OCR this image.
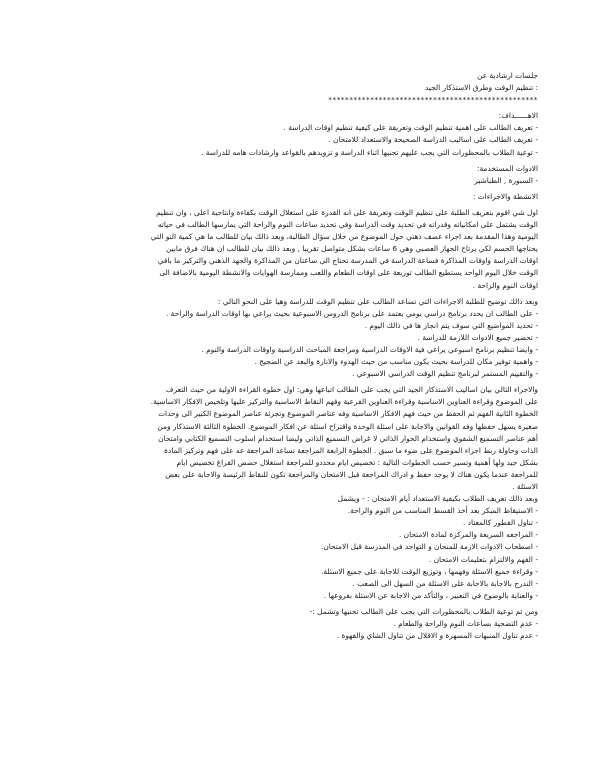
جلسات ارشادية عن
: تنظيم الوقت وطرق الاستذكار الجيد
**************************************************
الاهــــــداف:
- تعريف الطالب على اهمية تنظيم الوقت وتعريفة على كيفية تنظيم اوقات الدراسة .
- تعريف الطالب على اساليب الدراسة الصحيحة والاستعداد للامتحان .
- توعية الطلاب بالمحظورات التي يجب عليهم تجنبها اثناء الدراسة و تزويدهم بالقواعد وارشادات هامه للدراسة .
الادوات المستخدمة:
- السبورة , الطباشير
الانشطة والاجراءات :
اول شي اقوم بتعريف الطلبة على تنظيم الوقت وتعريفة على انه القدرة على استغلال الوقت بكفاءة وانتاجية اعلى ، وان تنظيم
الوقت يشتمل على امكانياته وقدراته في تحديد وقت الدراسة وفي تحديد ساعات النوم والراحة التي يمارسها الطالب في حياته
اليومية وهذا المقدمة بعد اجراء عصف ذهني حول الموضوع من خلال سؤال الطالبة، وبعد ذالك بيان للطالب ما هي كمية النو التي
يحتاجها الجسم لكي يرتاح الجهاز العصبي وهي 6 ساعات بشكل متواصل تقريبا , وبعد ذالك بيان للطالب ان هناك فرق مابين
اوقات الدراسة واوقات المذاكرة فساعة الدراسة في المدرسة تحتاج الى ساعتان من المذاكرة والجهد الذهني والتركيز ما باقي
الوقت خلال اليوم الواحد يستطيع الطالب توزيعة على اوقات الطعام واللعب وممارسة الهوايات والانشطة اليومية بالاضافة الى
اوقات النوم والراحة .
وبعد ذالك توضيح للطلبة الاجراءات التي تساعد الطالب على تنظيم الوقت للدراسة وهيا على النحو التالي :
- على الطالب ان يحدد برنامج دراسي يومي يعتمد على برنامج الدروس الاسبوعية بحيث يراعي بها اوقات الدراسة والراحة .
- تحديد المواضيع التي سوف يتم انجاز ها في ذالك اليوم .
- تحضير جميع الادوات اللازمة للدراسة .
- وايضا تنظيم برنامج اسبوعي يراعي فية الاوقات الدراسية ومراجعة المباحث الدراسية واوقات الدراسة والنوم .
- واهمية توفير مكان للدراسة بحيث يكون مناسب من حيث الهدوء والانارة والبعد عن الضجيج .
- والتقييم المستمر لبرنامج تنظيم الوقت الدراسي الاسبوعي .
والاجراء التالي بيان اساليب الاستذكار الجيد التي يجب على الطالب اتباعها وهي: اول خطوة القراءة الاولية من حيث التعرف
على الموضوع وقراءة العناوين الاساسية وقراءة العناوين الفرعية وفهم النقاط الاساسية والتركيز عليها وتلخيص الافكار الاساسية.
الخطوة الثانية الفهم ثم الحفظ من حيث فهم الافكار الاساسية وفه عناصر الموضوع وتجزئة عناصر الموضوع الكبير الى وحدات
صغيرة يسهل حفظها وفه القوانين والاجابة على اسئلة الوحدة واقتراح اسئلة عن افكار الموضوع. الخطوة الثالثة الاستذكار ومن
أهم عناصر التسميع الشفوي واستخدام الحوار الذاتي لا غراض التسميع الذاتي وليضا استخدام اسلوب التسميع الكتابي وامتحان
الذات وحاولة ربط اجزاء الموضوع على ضوء ما سبق . الخطوة الرابعة المراجعة تساعد المراجعة عه على فهم وتركيز المادة
بشكل جيد ولها أهمية وتسير حسب الخطوات التالية : تخصيص ايام محددو للمراجعة استغلال حصص الفراغ تخصيص ايام
للمراجعة عندما يكون هناك لا يوجد حفظ و ادراك المراجعة قبل الامتحان والمراجعة تكون للنقاط الرئيسة والاجابة على بعض
الاسئلة .
وبعد ذالك تعريف الطلاب بكيفية الاستعداد أيام الامتحان : - ويشمل
- الاستيقاظ المبكر بعد أخذ القسط المناسب من النوم والراحة.
- تناول الفطور كالمعتاد .
- المراجعه السريعة والمركزة لمادة الامتحان .
- اصطحاب الادوات الازمة للمتحان و التواجد في المدرسة قبل الامتحان.
- الفهم والالتزام بتعليمات الامتحان .
- وقراءة جميع الاسئلة وفهمها ، وتوزيع الوقت للاجابة على جميع الاسئلة.
- التدرج بالاجابة بالاجابة على الاسئلة من السهل الى الصعب .
- والعناية بالوضوح في التعبير ، والتأكد من الاجابة عن الاسئلة بفروعها .
ومن ثم توعية الطلاب بالمحظورات التي يجب على الطالب تجنبها وتشمل :-
- عدم التضحية بساعات النوم والراحة والطعام .
- عدم تناول المنبهات المسهرة و الاقلال من تناول الشاي والقهوة .
